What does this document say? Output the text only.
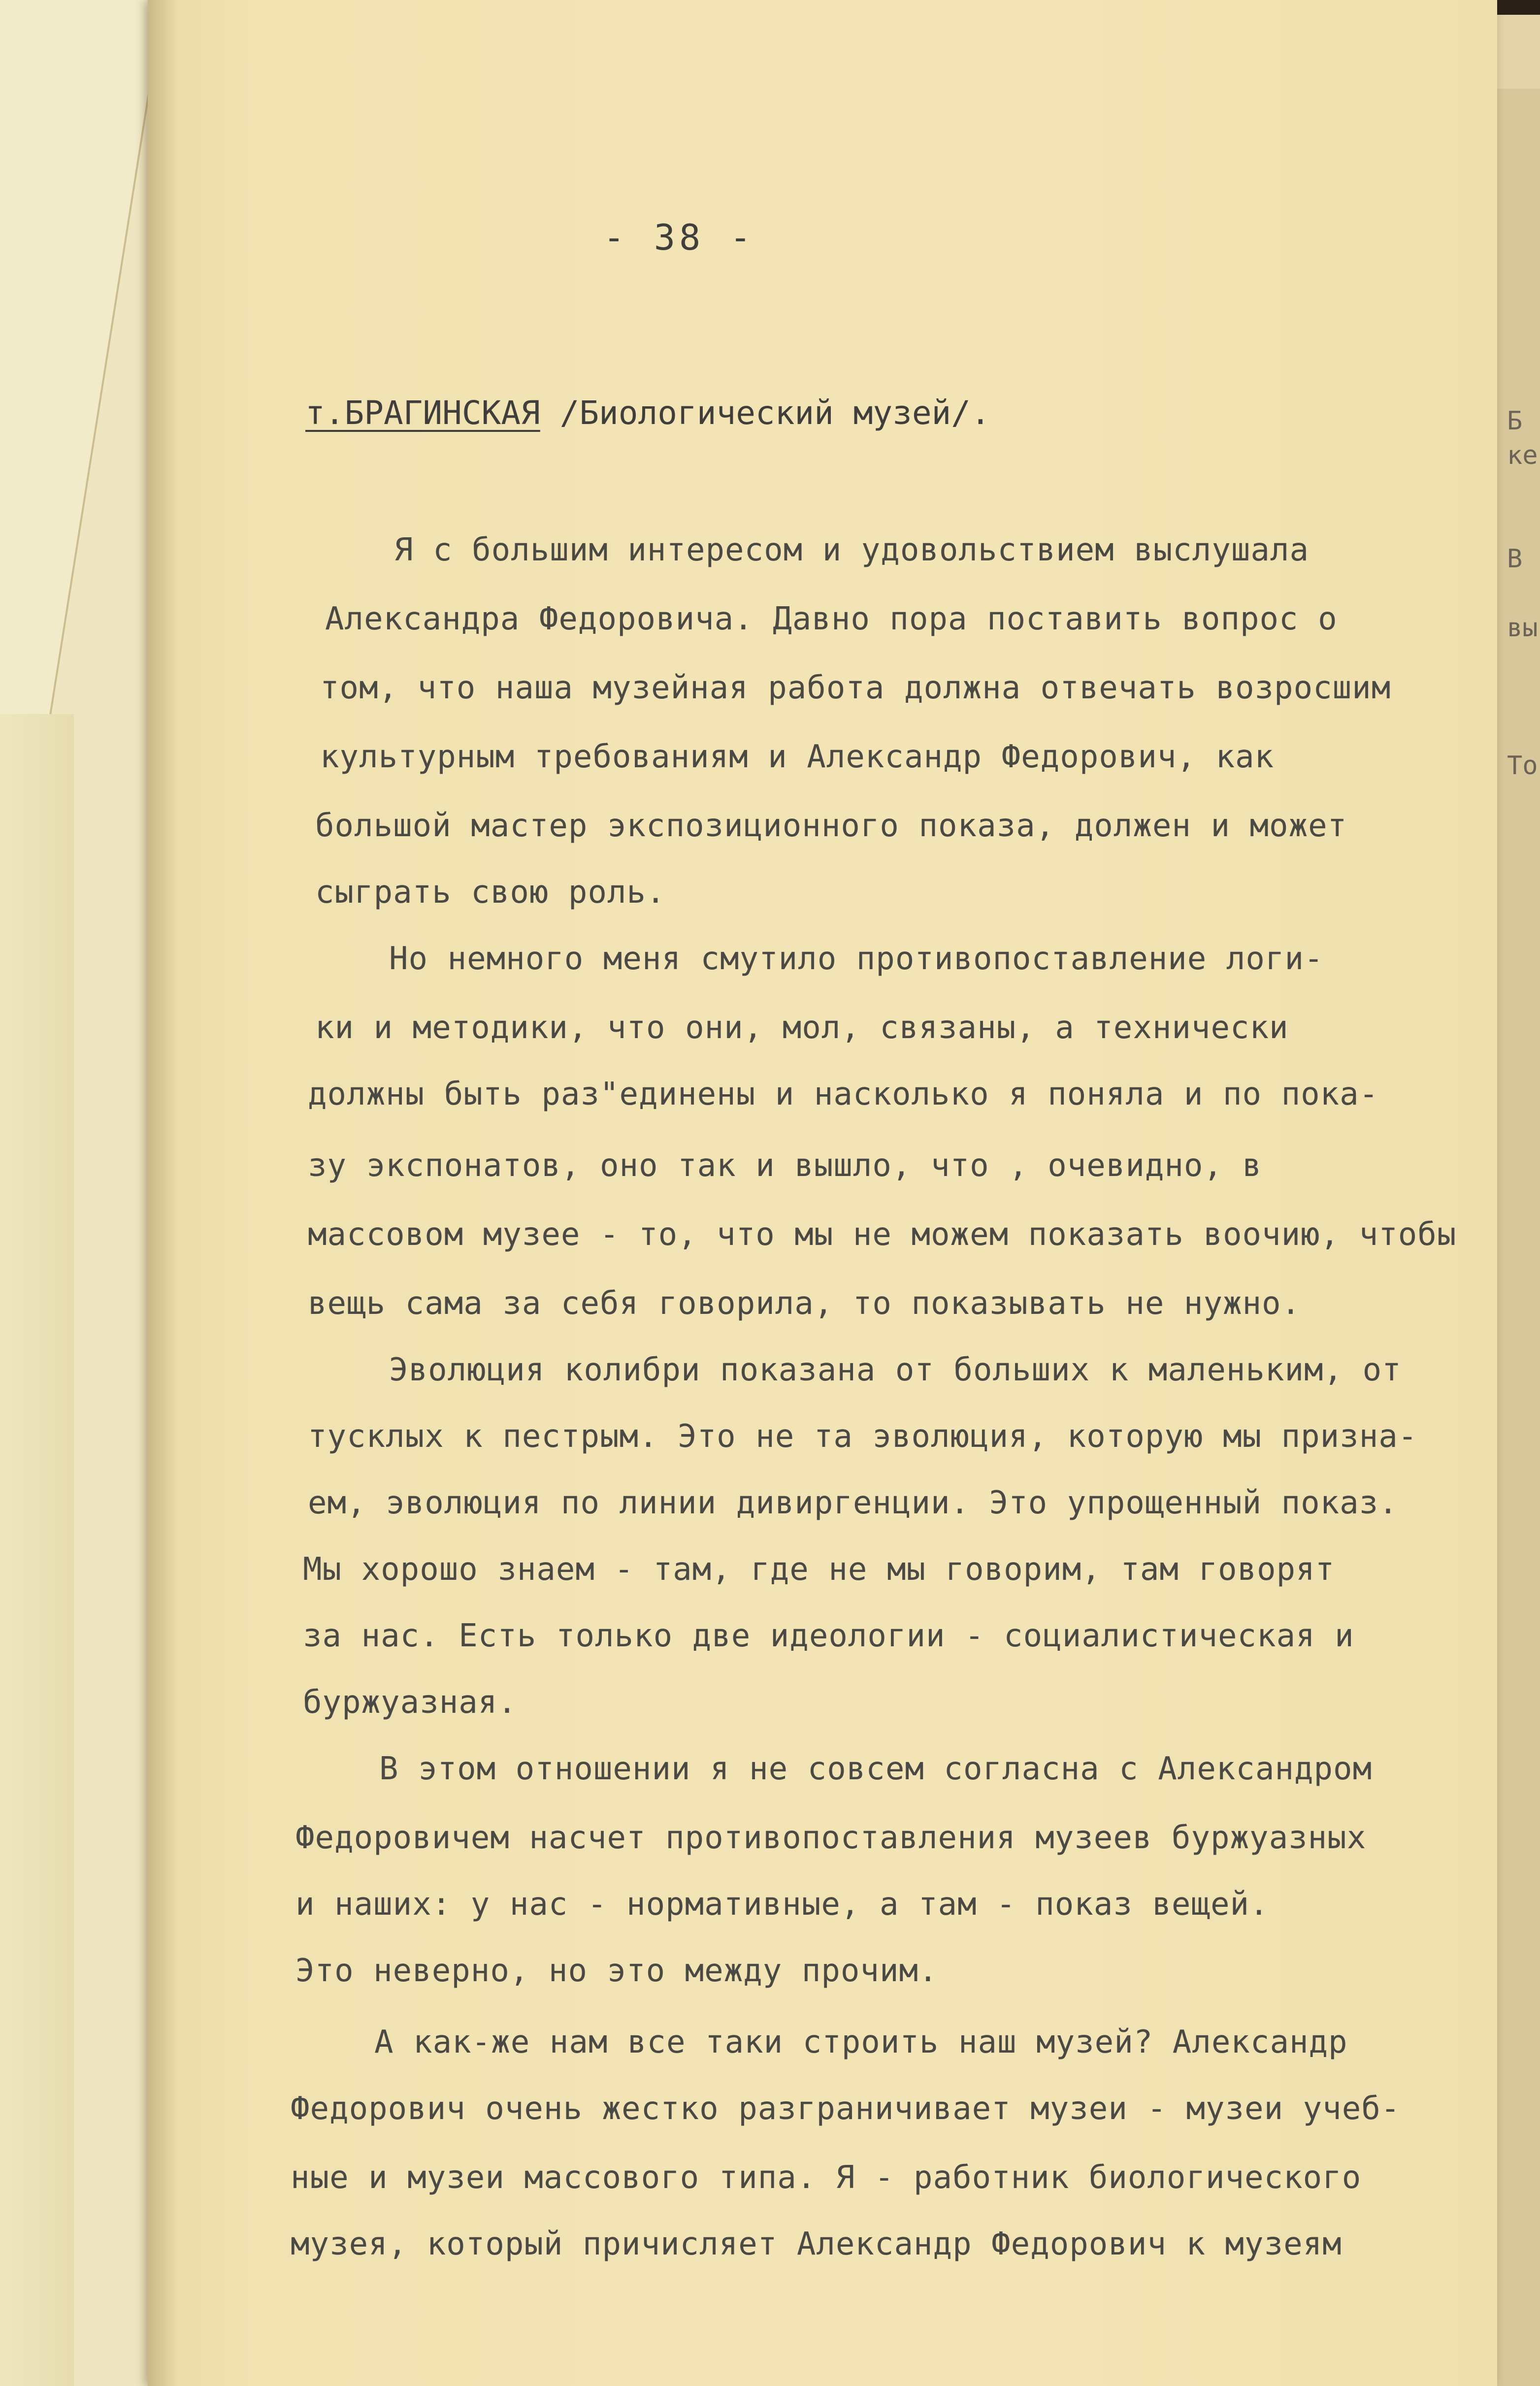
Б
ке

В

вы

То
- 38 -
т.БРАГИНСКАЯ /Биологический музей/.
Я с большим интересом и удовольствием выслушала
Александра Федоровича. Давно пора поставить вопрос о
том, что наша музейная работа должна отвечать возросшим
культурным требованиям и Александр Федорович, как
большой мастер экспозиционного показа, должен и может
сыграть свою роль.
Но немного меня смутило противопоставление логи-
ки и методики, что они, мол, связаны, а технически
должны быть раз"единены и насколько я поняла и по пока-
зу экспонатов, оно так и вышло, что , очевидно, в
массовом музее - то, что мы не можем показать воочию, чтобы
вещь сама за себя говорила, то показывать не нужно.
Эволюция колибри показана от больших к маленьким, от
тусклых к пестрым. Это не та эволюция, которую мы призна-
ем, эволюция по линии дивиргенции. Это упрощенный показ.
Мы хорошо знаем - там, где не мы говорим, там говорят
за нас. Есть только две идеологии - социалистическая и
буржуазная.
В этом отношении я не совсем согласна с Александром
Федоровичем насчет противопоставления музеев буржуазных
и наших: у нас - нормативные, а там - показ вещей.
Это неверно, но это между прочим.
А как-же нам все таки строить наш музей? Александр
Федорович очень жестко разграничивает музеи - музеи учеб-
ные и музеи массового типа. Я - работник биологического
музея, который причисляет Александр Федорович к музеям
